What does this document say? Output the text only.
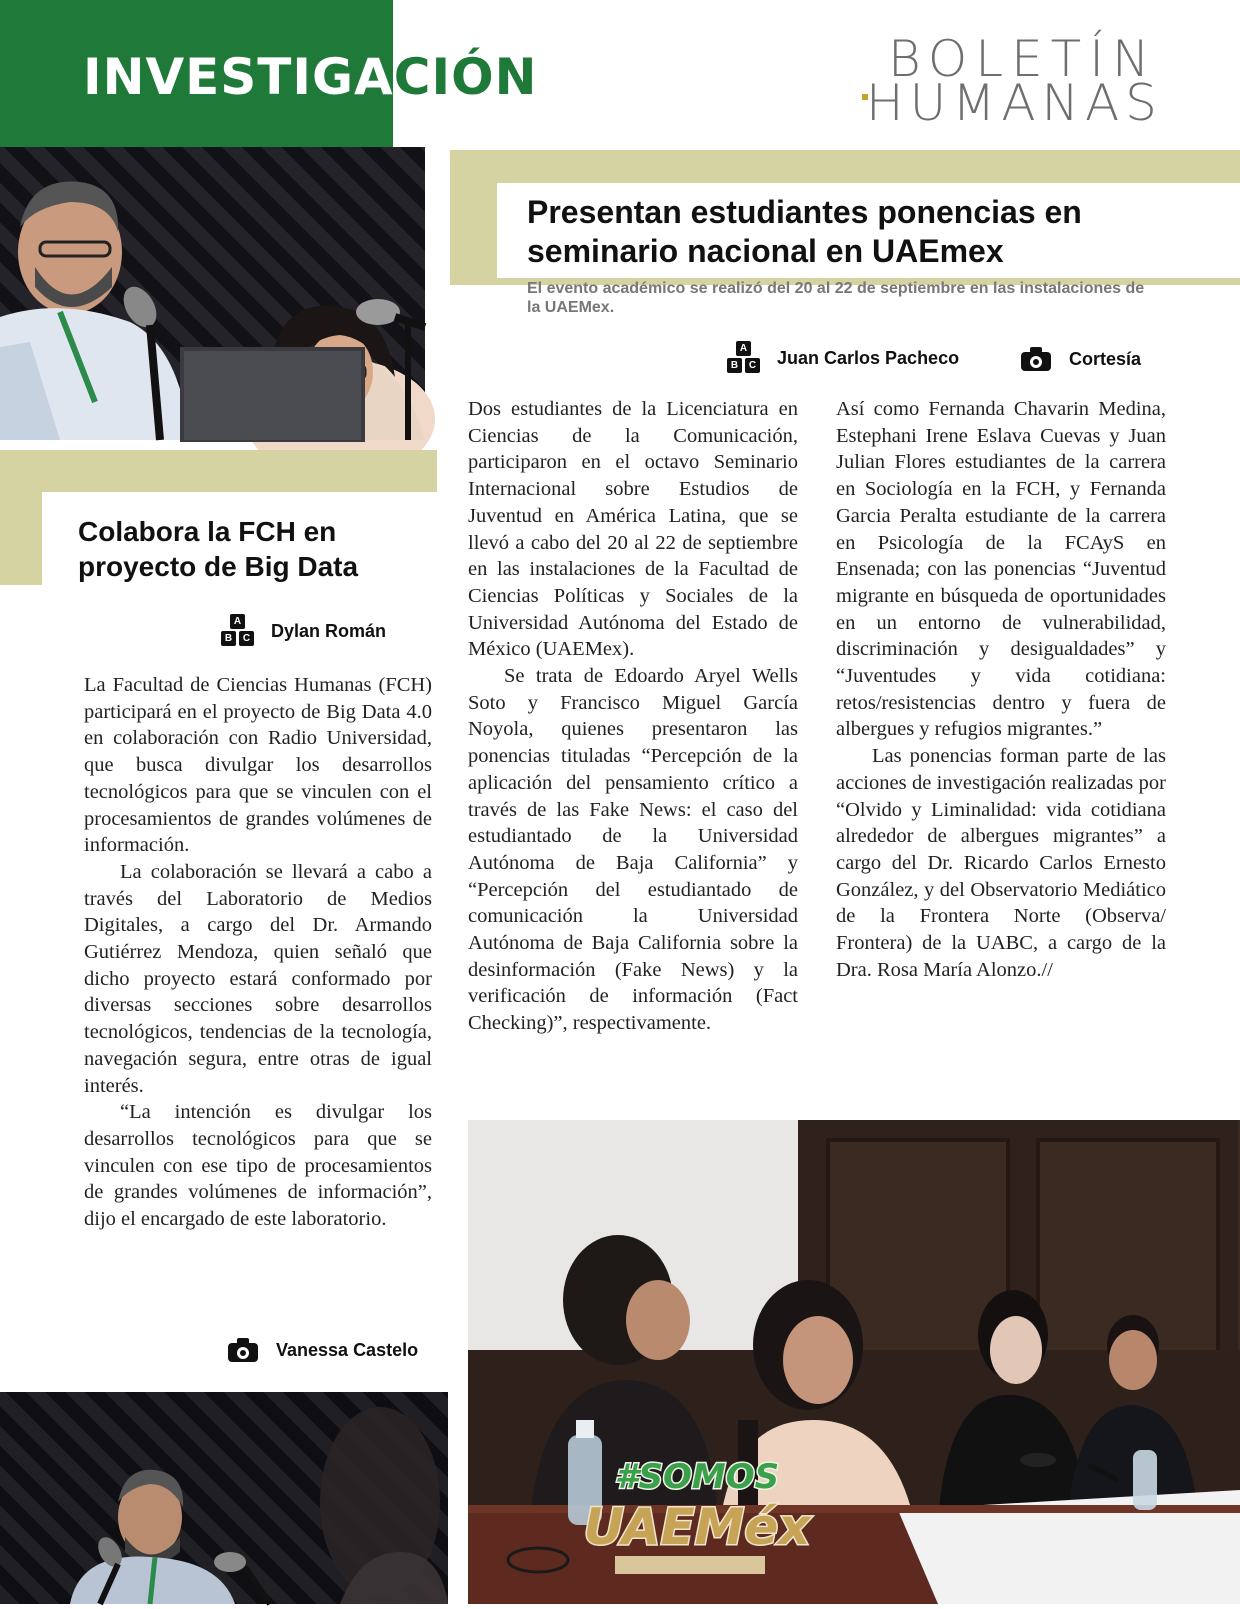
INVESTIGACIÓN	BOLETÍN
HUMANAS
Presentan estudiantes ponencias en seminario nacional en UAEmex
El evento académico se realizó del 20 al 22 de septiembre en las instalaciones de la UAEMex.
A
B	C Juan Carlos Pacheco	Cortesía
Colabora la FCH en proyecto de Big Data
A
B	C Dylan Román

La Facultad de Ciencias Humanas (FCH) participará en el proyecto de Big Data 4.0 en colaboración con Radio Universidad, que busca divulgar los desarrollos tecnológicos para que se vinculen con el procesamientos de grandes volúmenes de información.

La colaboración se llevará a cabo a través del Laboratorio de Medios Digitales, a cargo del Dr. Armando Gutiérrez Mendoza, quien señaló que dicho proyecto estará conformado por diversas secciones sobre desarrollos tecnológicos, tendencias de la tecnología, navegación segura, entre otras de igual interés.

“La intención es divulgar los desarrollos tecnológicos para que se vinculen con ese tipo de procesamientos de grandes volúmenes de información”, dijo el encargado de este laboratorio.

Vanessa Castelo

Dos estudiantes de la Licenciatura en Ciencias de la Comunicación, participaron en el octavo Seminario Internacional sobre Estudios de Juventud en América Latina, que se llevó a cabo del 20 al 22 de septiembre en las instalaciones de la Facultad de Ciencias Políticas y Sociales de la Universidad Autónoma del Estado de México (UAEMex).

Se trata de Edoardo Aryel Wells Soto y Francisco Miguel García Noyola, quienes presentaron las ponencias tituladas “Percepción de la aplicación del pensamiento crítico a través de las Fake News: el caso del estudiantado de la Universidad Autónoma de Baja California” y “Percepción del estudiantado de comunicación la Universidad Autónoma de Baja California sobre la desinformación (Fake News) y la verificación de información (Fact Checking)”, respectivamente.

Así como Fernanda Chavarin Medina, Estephani Irene Eslava Cuevas y Juan Julian Flores estudiantes de la carrera en Sociología en la FCH, y Fernanda Garcia Peralta estudiante de la carrera en Psicología de la FCAyS en Ensenada; con las ponencias “Juventud migrante en búsqueda de oportunidades en un entorno de vulnerabilidad, discriminación y desigualdades” y “Juventudes y vida cotidiana: retos/resistencias dentro y fuera de albergues y refugios migrantes.”

Las ponencias forman parte de las acciones de investigación realizadas por “Olvido y Liminalidad: vida cotidiana alrededor de albergues migrantes” a cargo del Dr. Ricardo Carlos Ernesto González, y del Observatorio Mediático de la Frontera Norte (Observa/ Frontera) de la UABC, a cargo de la Dra. Rosa María Alonzo.//

#SOMOS
UAEMéx
